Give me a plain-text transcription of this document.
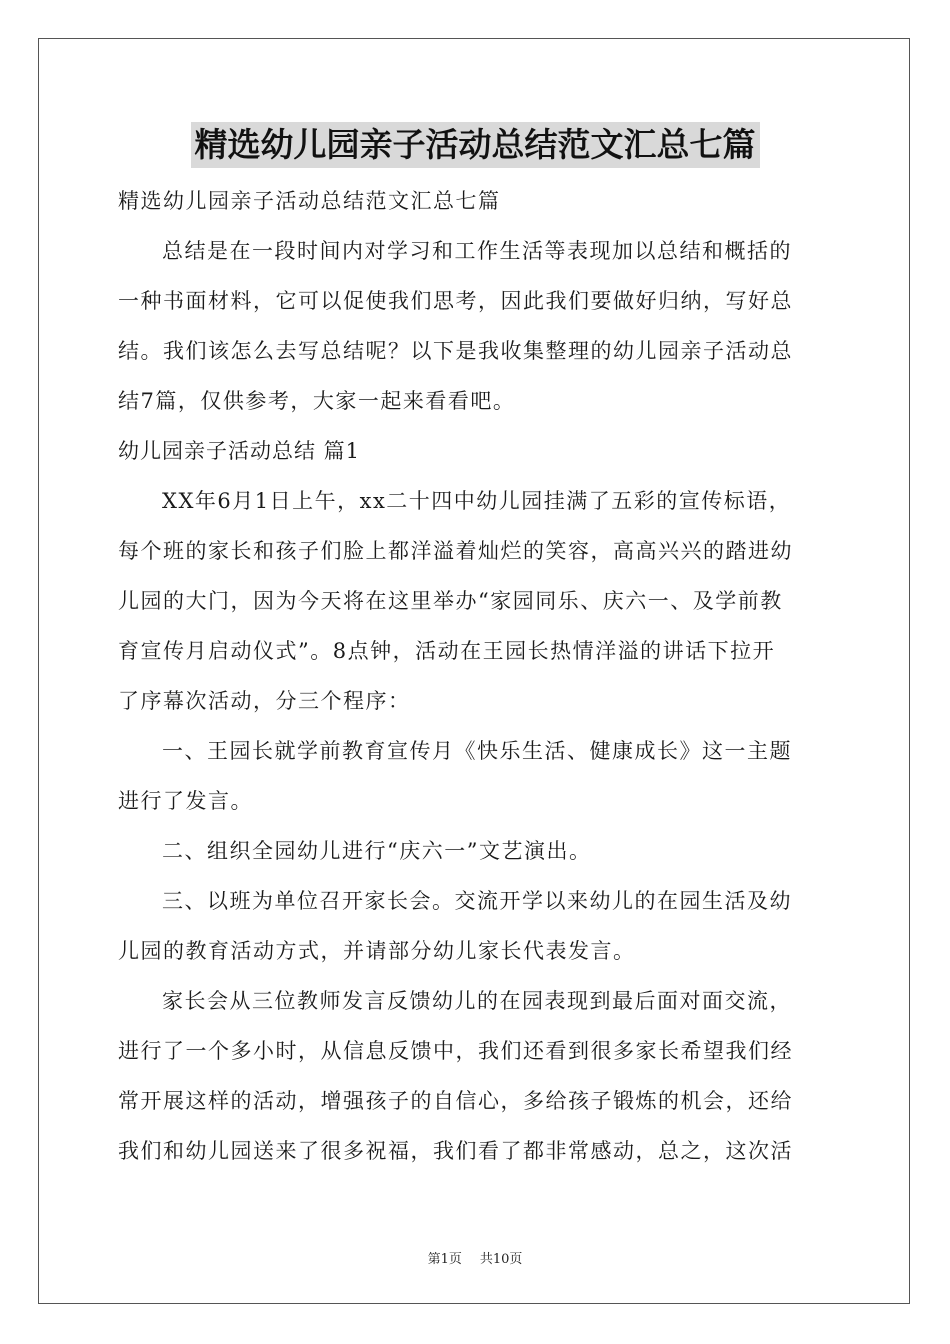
精选幼儿园亲子活动总结范文汇总七篇
精选幼儿园亲子活动总结范文汇总七篇
总结是在一段时间内对学习和工作生活等表现加以总结和概括的
一种书面材料，它可以促使我们思考，因此我们要做好归纳，写好总
结。我们该怎么去写总结呢？以下是我收集整理的幼儿园亲子活动总
结7篇，仅供参考，大家一起来看看吧。
幼儿园亲子活动总结 篇1
XX年6月1日上午，xx二十四中幼儿园挂满了五彩的宣传标语，
每个班的家长和孩子们脸上都洋溢着灿烂的笑容，高高兴兴的踏进幼
儿园的大门，因为今天将在这里举办“家园同乐、庆六一、及学前教
育宣传月启动仪式”。8点钟，活动在王园长热情洋溢的讲话下拉开
了序幕次活动，分三个程序：
一、王园长就学前教育宣传月《快乐生活、健康成长》这一主题
进行了发言。
二、组织全园幼儿进行“庆六一”文艺演出。
三、以班为单位召开家长会。交流开学以来幼儿的在园生活及幼
儿园的教育活动方式，并请部分幼儿家长代表发言。
家长会从三位教师发言反馈幼儿的在园表现到最后面对面交流，
进行了一个多小时，从信息反馈中，我们还看到很多家长希望我们经
常开展这样的活动，增强孩子的自信心，多给孩子锻炼的机会，还给
我们和幼儿园送来了很多祝福，我们看了都非常感动，总之，这次活
第1页 共10页
